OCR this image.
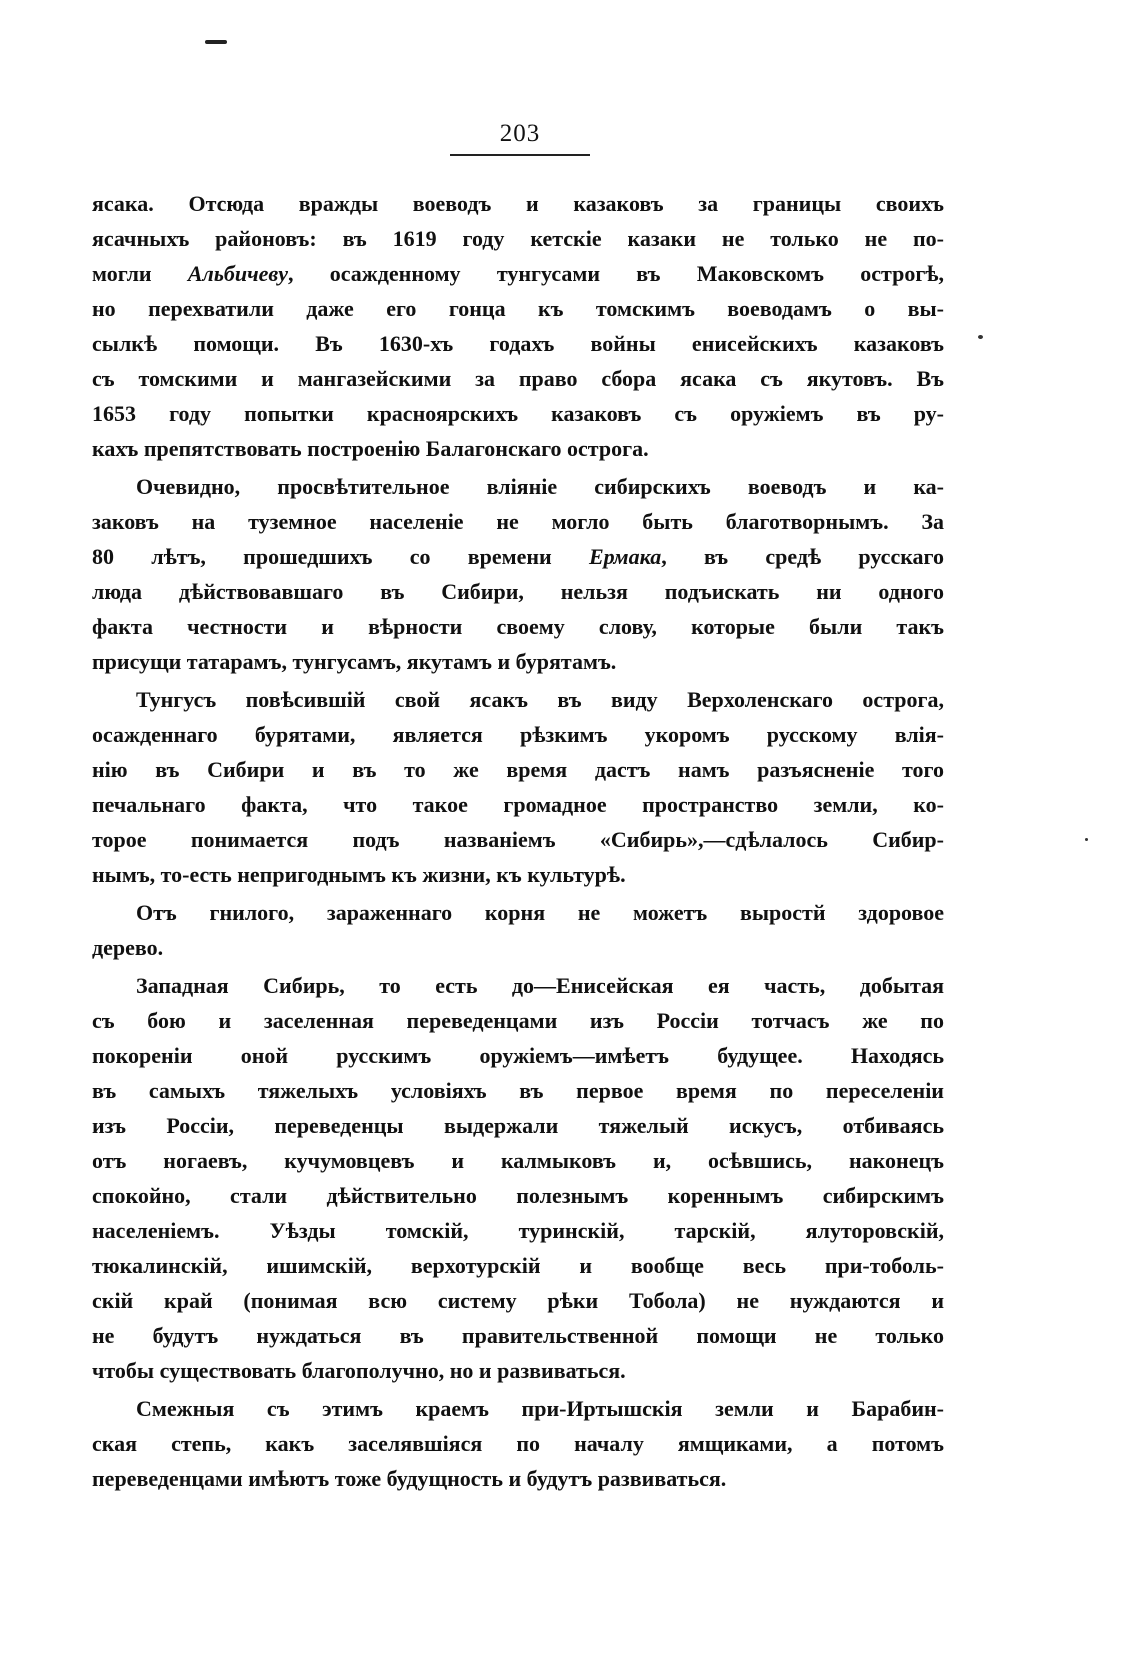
203
ясака. Отсюда вражды воеводъ и казаковъ за границы своихъ
ясачныхъ районовъ: въ 1619 году кетскіе казаки не только не по-
могли Альбичеву, осажденному тунгусами въ Маковскомъ острогѣ,
но перехватили даже его гонца къ томскимъ воеводамъ о вы-
сылкѣ помощи. Въ 1630-хъ годахъ войны енисейскихъ казаковъ
съ томскими и мангазейскими за право сбора ясака съ якутовъ. Въ
1653 году попытки красноярскихъ казаковъ съ оружіемъ въ ру-
кахъ препятствовать построенію Балагонскаго острога.
Очевидно, просвѣтительное вліяніе сибирскихъ воеводъ и ка-
заковъ на туземное населеніе не могло быть благотворнымъ. За
80 лѣтъ, прошедшихъ со времени Ермака, въ средѣ русскаго
люда дѣйствовавшаго въ Сибири, нельзя подъискать ни одного
факта честности и вѣрности своему слову, которые были такъ
присущи татарамъ, тунгусамъ, якутамъ и бурятамъ.
Тунгусъ повѣсившій свой ясакъ въ виду Верхоленскаго острога,
осажденнаго бурятами, является рѣзкимъ укоромъ русскому влія-
нію въ Сибири и въ то же время дастъ намъ разъясненіе того
печальнаго факта, что такое громадное пространство земли, ко-
торое понимается подъ названіемъ «Сибирь»,—сдѣлалось Сибир-
нымъ, то-есть непригоднымъ къ жизни, къ культурѣ.
Отъ гнилого, зараженнаго корня не можетъ выростй здоровое
дерево.
Западная Сибирь, то есть до—Енисейская ея часть, добытая
съ бою и заселенная переведенцами изъ Россіи тотчасъ же по
покореніи оной русскимъ оружіемъ—имѣетъ будущее. Находясь
въ самыхъ тяжелыхъ условіяхъ въ первое время по переселеніи
изъ Россіи, переведенцы выдержали тяжелый искусъ, отбиваясь
отъ ногаевъ, кучумовцевъ и калмыковъ и, осѣвшись, наконецъ
спокойно, стали дѣйствительно полезнымъ кореннымъ сибирскимъ
населеніемъ. Уѣзды томскій, туринскій, тарскій, ялуторовскій,
тюкалинскій, ишимскій, верхотурскій и вообще весь при-тоболь-
скій край (понимая всю систему рѣки Тобола) не нуждаются и
не будутъ нуждаться въ правительственной помощи не только
чтобы существовать благополучно, но и развиваться.
Смежныя съ этимъ краемъ при-Иртышскія земли и Барабин-
ская степь, какъ заселявшіяся по началу ямщиками, а потомъ
переведенцами имѣютъ тоже будущность и будутъ развиваться.
